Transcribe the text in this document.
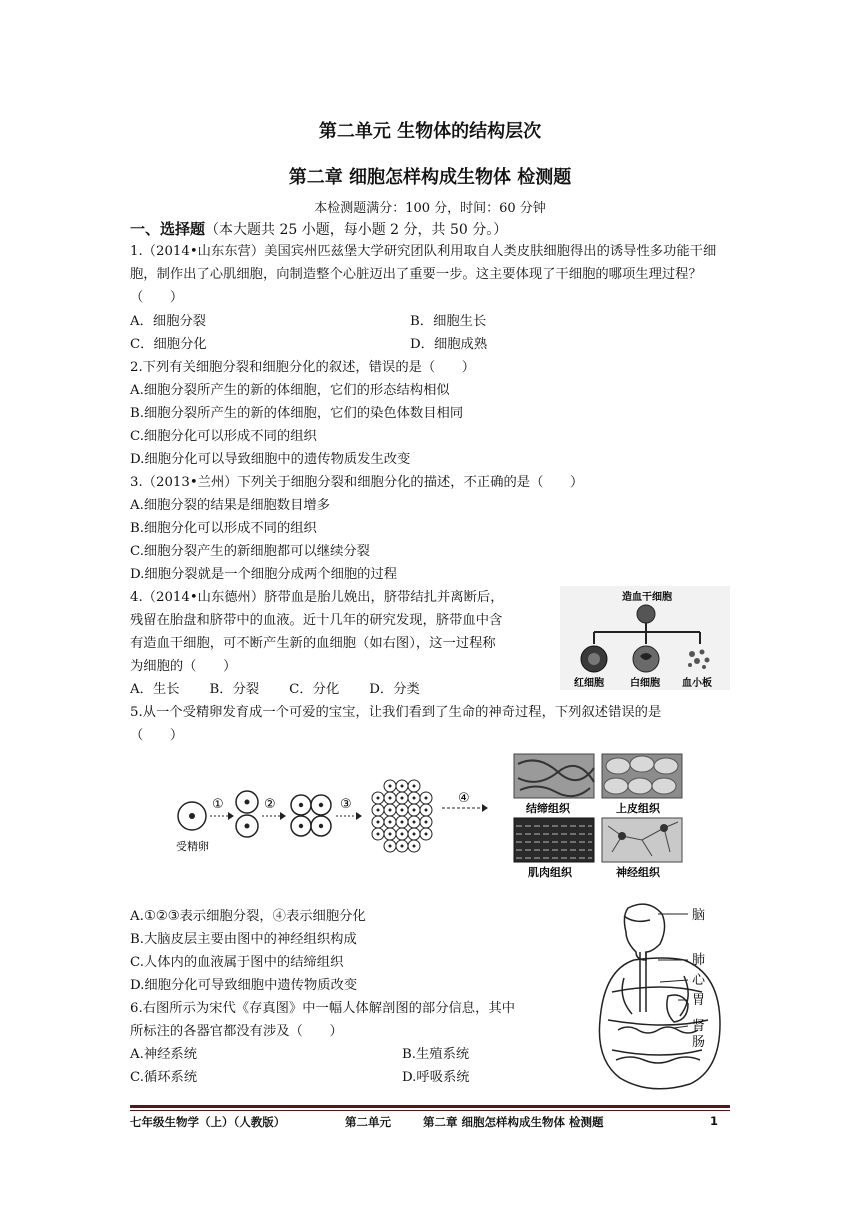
第二单元 生物体的结构层次
第二章 细胞怎样构成生物体 检测题
本检测题满分：100 分，时间：60 分钟
一、选择题（本大题共 25 小题，每小题 2 分，共 50 分。）
1.（2014•山东东营）美国宾州匹兹堡大学研究团队利用取自人类皮肤细胞得出的诱导性多功能干细胞，制作出了心肌细胞，向制造整个心脏迈出了重要一步。这主要体现了干细胞的哪项生理过程？（　　）
A．细胞分裂	B．细胞生长
C．细胞分化	D．细胞成熟
2.下列有关细胞分裂和细胞分化的叙述，错误的是（　　）
A.细胞分裂所产生的新的体细胞，它们的形态结构相似
B.细胞分裂所产生的新的体细胞，它们的染色体数目相同
C.细胞分化可以形成不同的组织
D.细胞分化可以导致细胞中的遗传物质发生改变
3.（2013•兰州）下列关于细胞分裂和细胞分化的描述，不正确的是（　　）
A.细胞分裂的结果是细胞数目增多
B.细胞分化可以形成不同的组织
C.细胞分裂产生的新细胞都可以继续分裂
D.细胞分裂就是一个细胞分成两个细胞的过程
4.（2014•山东德州）脐带血是胎儿娩出，脐带结扎并离断后，
残留在胎盘和脐带中的血液。近十几年的研究发现，脐带血中含
有造血干细胞，可不断产生新的血细胞（如右图），这一过程称
为细胞的（　　）
A．生长 B．分裂 C．分化 D．分类
造血干细胞
红细胞	白细胞 血小板
5.从一个受精卵发育成一个可爱的宝宝，让我们看到了生命的神奇过程，下列叙述错误的是
（　　）
受精卵
①	②	③	④
结缔组织	上皮组织
肌肉组织	神经组织
A.①②③表示细胞分裂，④表示细胞分化
B.大脑皮层主要由图中的神经组织构成
C.人体内的血液属于图中的结缔组织
D.细胞分化可导致细胞中遗传物质改变
6.右图所示为宋代《存真图》中一幅人体解剖图的部分信息，其中
所标注的各器官都没有涉及（　　）
A.神经系统	B.生殖系统
C.循环系统	D.呼吸系统
脑
肺
心
胃
肾
肠
七年级生物学（上）（人教版）	第二单元	第二章 细胞怎样构成生物体 检测题	1
